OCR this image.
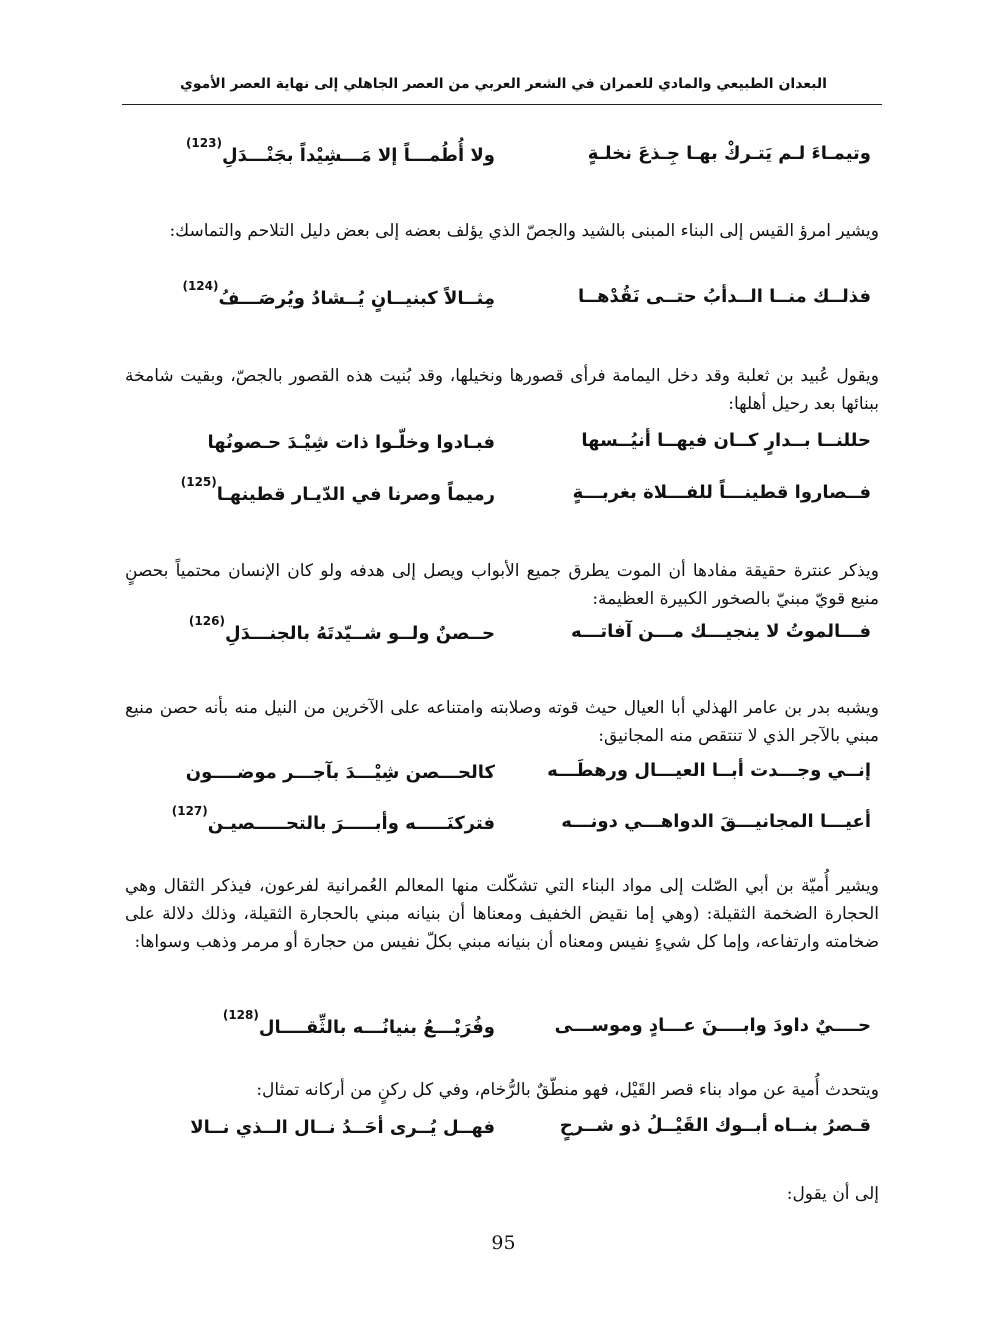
البعدان الطبيعي والمادي للعمران في الشعر العربي من العصر الجاهلي إلى نهاية العصر الأموي
وتيمـاءَ لـم يَتـركْ بهـا جِـذعَ نخلـةٍ
ولا أُطُمـــاً إلا مَـــشِيْداً بجَنْـــدَلِ$^{(123)}$
ويشير امرؤ القيس إلى البناء المبنى بالشيد والجصّ الذي يؤلف بعضه إلى بعض دليل التلاحم والتماسك:
فذلــك منــا الــدأبُ حتــى نَقُدْهــا
مِثــالاً كبنيــانٍ يُــشادُ ويُرصَـــفُ$^{(124)}$
ويقول عُبيد بن ثعلبة وقد دخل اليمامة فرأى قصورها ونخيلها، وقد بُنيت هذه القصور بالجصّ، وبقيت شامخة ببنائها بعد رحيل أهلها:
حللنــا بــدارٍ كــان فيهــا أنيُــسها
فبـادوا وخلّـوا ذات شِيْـدَ حـصونُها
فــصاروا قطينـــاً للفـــلاة بغربـــةٍ
رميماً وصرنا في الدّيـار قطينهـا$^{(125)}$
ويذكر عنترة حقيقة مفادها أن الموت يطرق جميع الأبواب ويصل إلى هدفه ولو كان الإنسان محتمياً بحصنٍ منيع قويّ مبنيّ بالصخور الكبيرة العظيمة:
فـــالموتُ لا ينجيـــك مـــن آفاتـــه
حــصنٌ ولــو شــيّدتَهُ بالجنـــدَلِ$^{(126)}$
ويشبه بدر بن عامر الهذلي أبا العيال حيث قوته وصلابته وامتناعه على الآخرين من النيل منه بأنه حصن منيع مبني بالآجر الذي لا تنتقص منه المجانيق:
إنــي وجـــدت أبــا العيـــال ورهطَـــه
كالحـــصن شِيْـــدَ بآجـــر موضــــون
أعيـــا المجانيـــقَ الدواهـــي دونـــه
فتركنَـــــه وأبـــــرَ بالتحـــــصيـن$^{(127)}$
ويشير أُميّة بن أبي الصّلت إلى مواد البناء التي تشكّلت منها المعالم العُمرانية لفرعون، فيذكر الثقال وهي الحجارة الضخمة الثقيلة: (وهي إما نقيض الخفيف ومعناها أن بنيانه مبني بالحجارة الثقيلة، وذلك دلالة على ضخامته وارتفاعه، وإما كل شيءٍ نفيس ومعناه أن بنيانه مبني بكلّ نفيس من حجارة أو مرمر وذهب وسواها:
حــــيٌ داودَ وابــــنَ عـــادٍ وموســـى
وفُرَيْـــعُ بنيانُـــه بالثِّقــــال$^{(128)}$
ويتحدث أُمية عن مواد بناء قصر القَيْل، فهو منطّقٌ بالرُّخام، وفي كل ركنٍ من أركانه تمثال:
قـصرُ بنــاه أبــوك القَيْــلُ ذو شــرحٍ
فهــل يُــرى أحَــدُ نــال الــذي نــالا
إلى أن يقول:
95
